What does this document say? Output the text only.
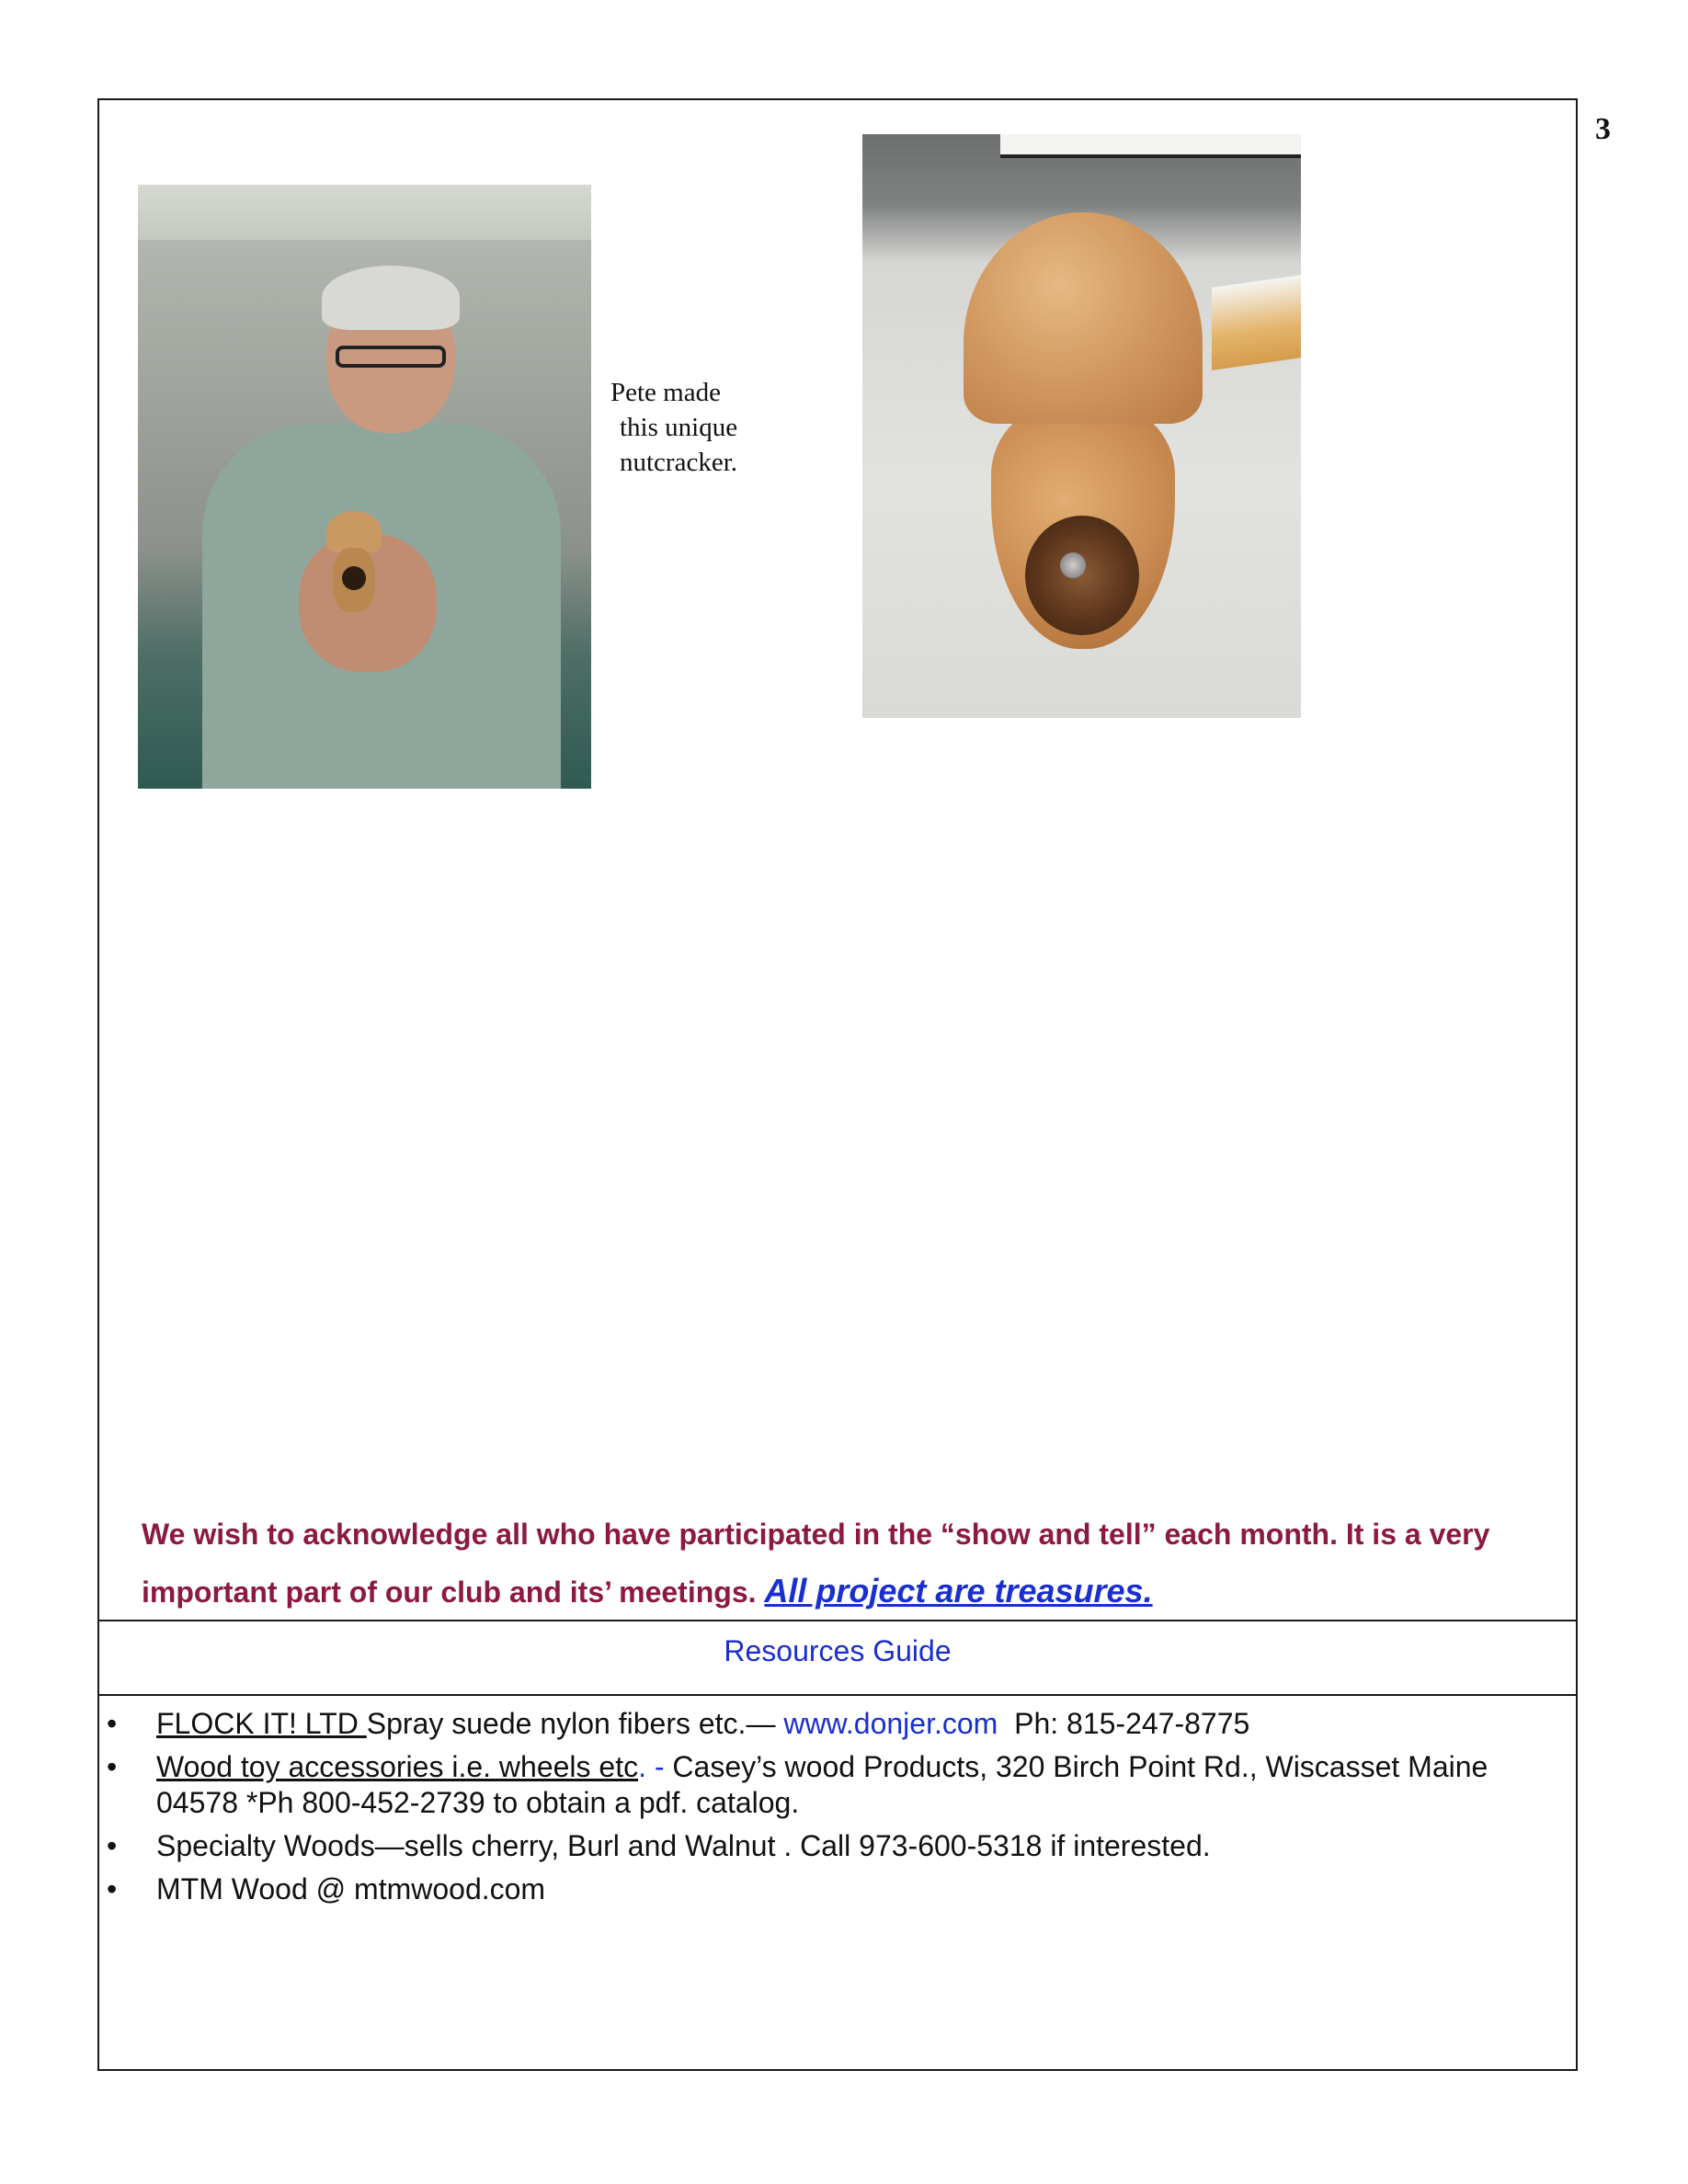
3
Pete made
this unique
nutcracker.
We wish to acknowledge all who have participated in the “show and tell” each month. It is a very important part of our club and its’ meetings. All project are treasures.
Resources Guide
• FLOCK IT! LTD Spray suede nylon fibers etc.— www.donjer.com  Ph: 815-247-8775
• Wood toy accessories i.e. wheels etc. - Casey’s wood Products, 320 Birch Point Rd., Wiscasset Maine 04578 *Ph 800-452-2739 to obtain a pdf. catalog.
• Specialty Woods—sells cherry, Burl and Walnut . Call 973-600-5318 if interested.
• MTM Wood @ mtmwood.com
